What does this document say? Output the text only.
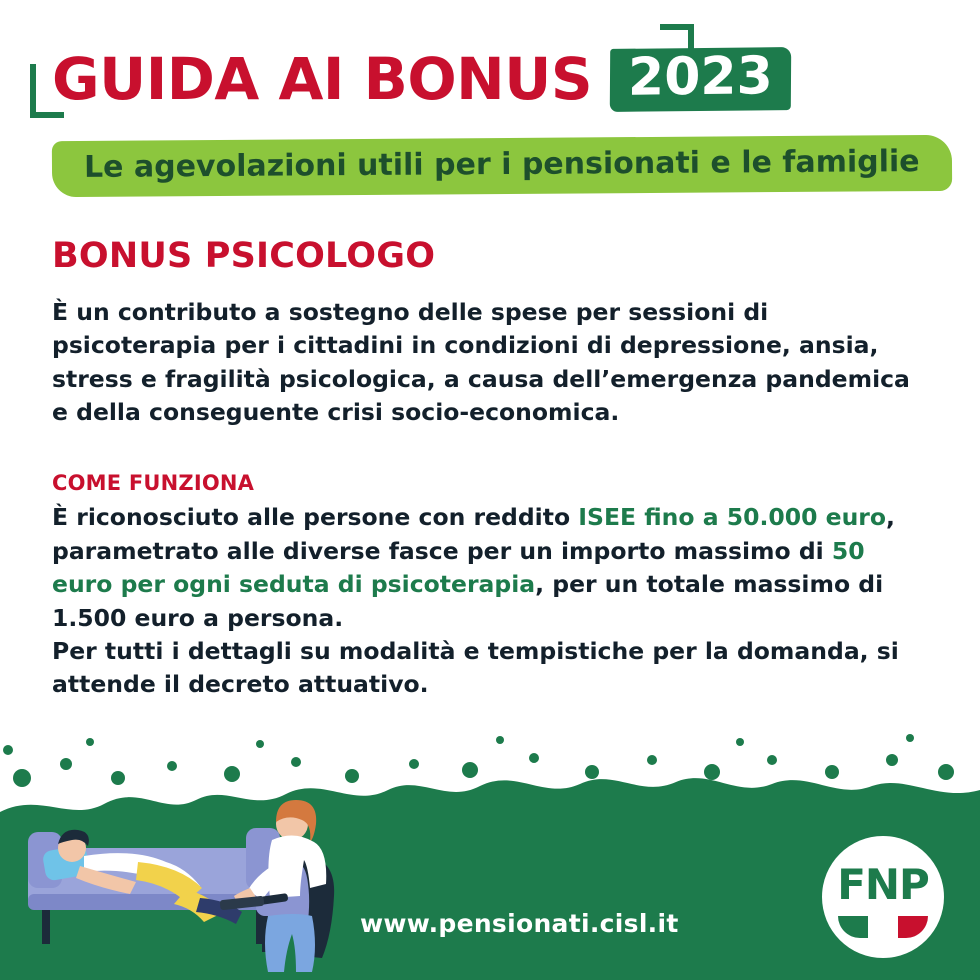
GUIDA AI BONUS 2023
Le agevolazioni utili per i pensionati e le famiglie
BONUS PSICOLOGO

È un contributo a sostegno delle spese per sessioni di psicoterapia per i cittadini in condizioni di depressione, ansia, stress e fragilità psicologica, a causa dell’emergenza pandemica e della conseguente crisi socio-economica.

COME FUNZIONA

È riconosciuto alle persone con reddito ISEE fino a 50.000 euro, parametrato alle diverse fasce per un importo massimo di 50 euro per ogni seduta di psicoterapia, per un totale massimo di 1.500 euro a persona.

Per tutti i dettagli su modalità e tempistiche per la domanda, si attende il decreto attuativo.

www.pensionati.cisl.it
FNP
